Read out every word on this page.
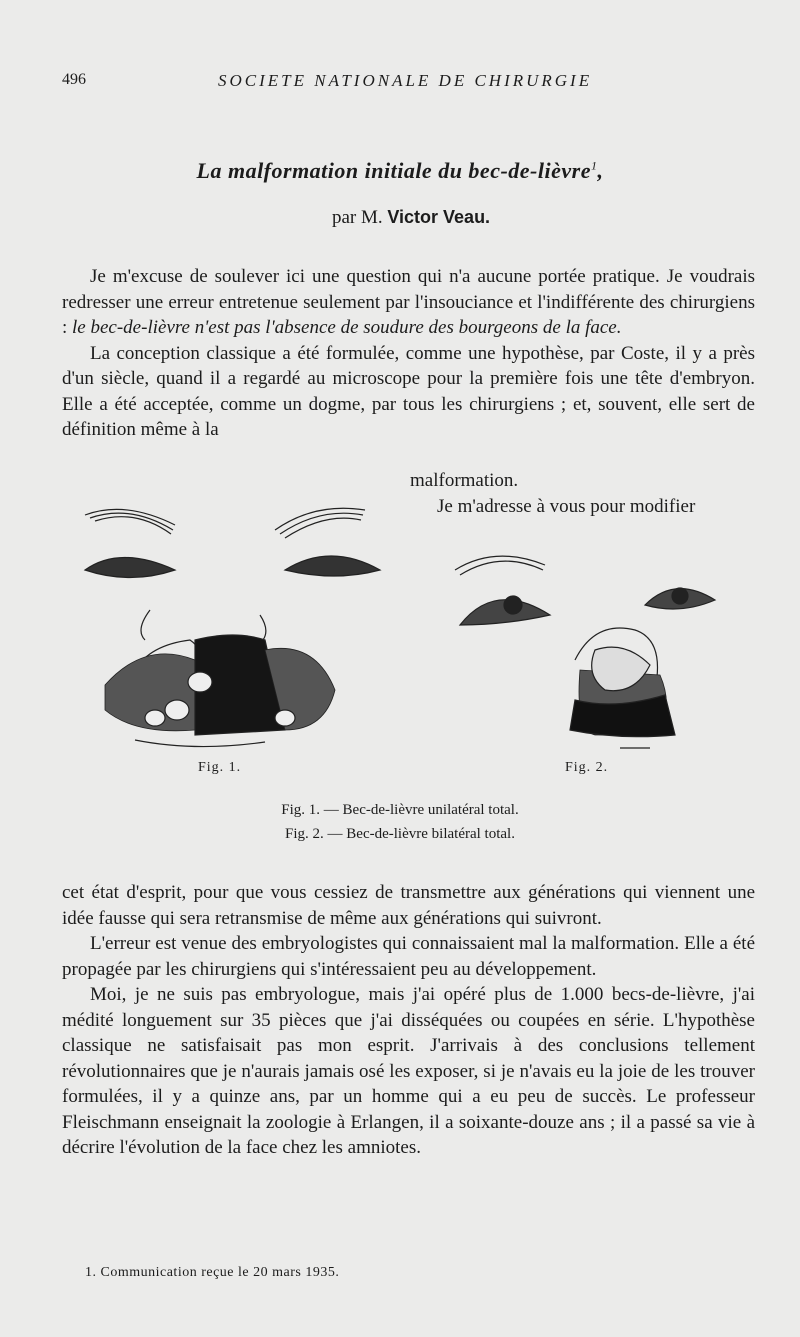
496	SOCIETE NATIONALE DE CHIRURGIE
La malformation initiale du bec-de-lièvre$^1$,
par M. Victor Veau.

Je m'excuse de soulever ici une question qui n'a aucune portée pratique. Je voudrais redresser une erreur entretenue seulement par l'insouciance et l'indifférente des chirurgiens : le bec-de-lièvre n'est pas l'absence de soudure des bourgeons de la face.

La conception classique a été formulée, comme une hypothèse, par Coste, il y a près d'un siècle, quand il a regardé au microscope pour la première fois une tête d'embryon. Elle a été acceptée, comme un dogme, par tous les chirurgiens ; et, souvent, elle sert de définition même à la

malformation.
Je m'adresse à vous pour modifier
Fig. 1.	Fig. 2.
Fig. 1. — Bec-de-lièvre unilatéral total.
Fig. 2. — Bec-de-lièvre bilatéral total.

cet état d'esprit, pour que vous cessiez de transmettre aux générations qui viennent une idée fausse qui sera retransmise de même aux générations qui suivront.

L'erreur est venue des embryologistes qui connaissaient mal la malformation. Elle a été propagée par les chirurgiens qui s'intéressaient peu au développement.

Moi, je ne suis pas embryologue, mais j'ai opéré plus de 1.000 becs-de-lièvre, j'ai médité longuement sur 35 pièces que j'ai disséquées ou coupées en série. L'hypothèse classique ne satisfaisait pas mon esprit. J'arrivais à des conclusions tellement révolutionnaires que je n'aurais jamais osé les exposer, si je n'avais eu la joie de les trouver formulées, il y a quinze ans, par un homme qui a eu peu de succès. Le professeur Fleischmann enseignait la zoologie à Erlangen, il a soixante-douze ans ; il a passé sa vie à décrire l'évolution de la face chez les amniotes.

1. Communication reçue le 20 mars 1935.
